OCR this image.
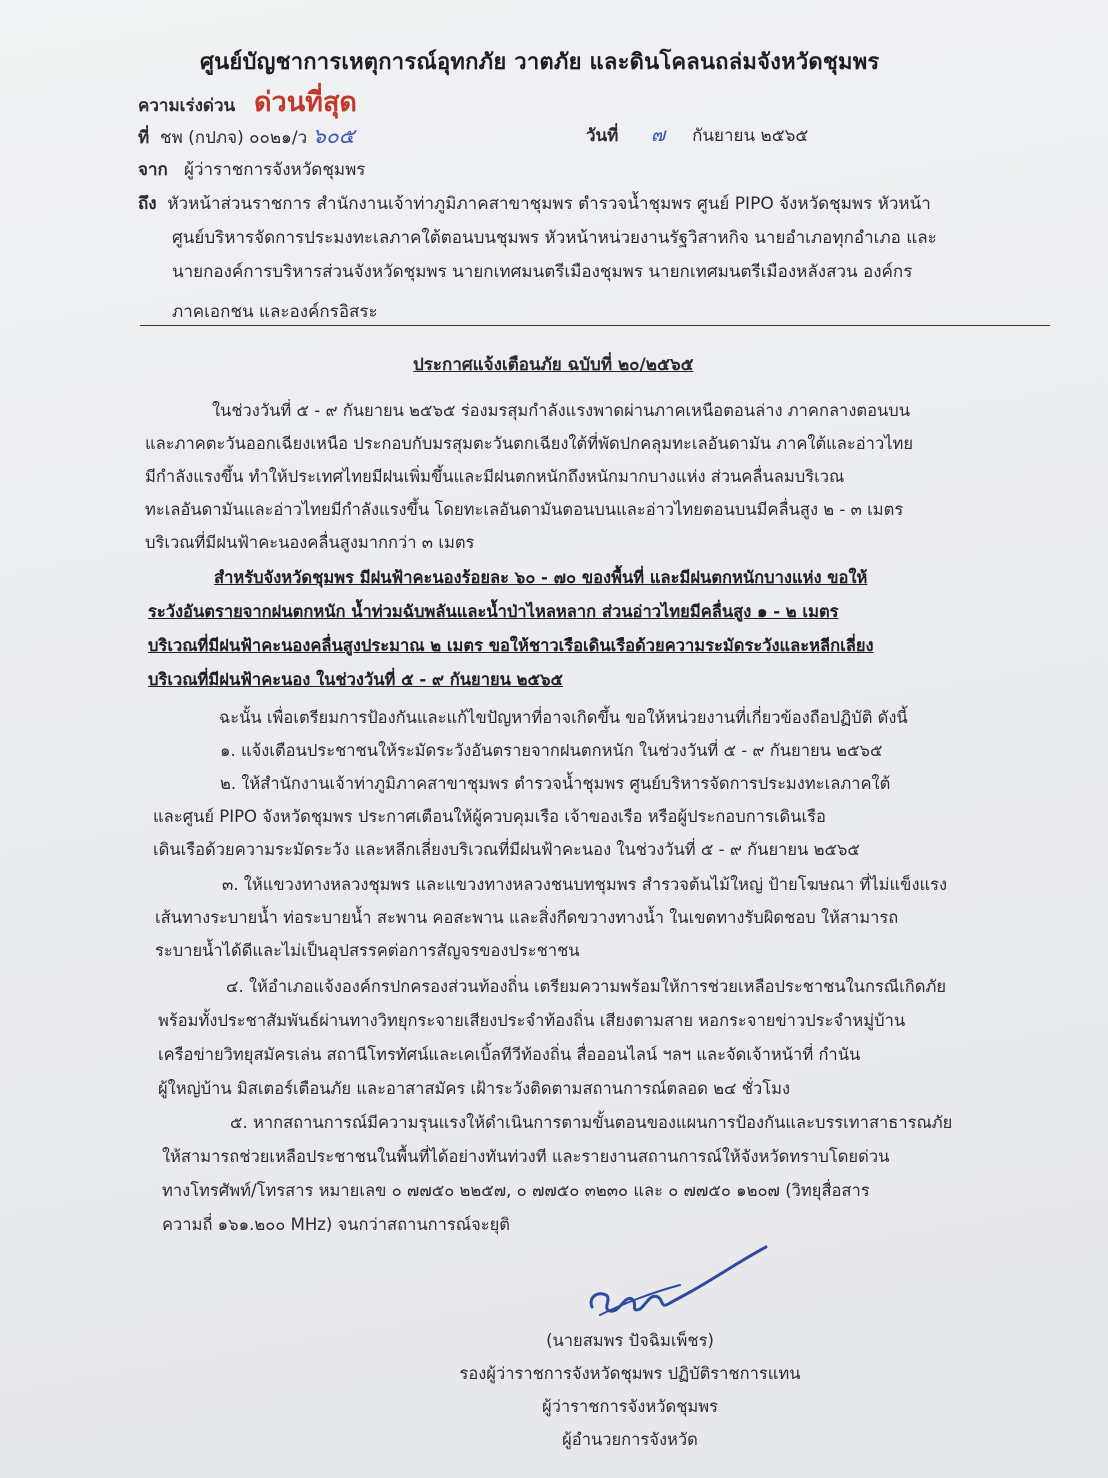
ศูนย์บัญชาการเหตุการณ์อุทกภัย วาตภัย และดินโคลนถล่มจังหวัดชุมพร
ความเร่งด่วน ด่วนที่สุด
ที่ ชพ (กปภจ) ๐๐๒๑/ว ๖๐๕	วันที่ ๗ กันยายน ๒๕๖๕
จาก ผู้ว่าราชการจังหวัดชุมพร
ถึง หัวหน้าส่วนราชการ สำนักงานเจ้าท่าภูมิภาคสาขาชุมพร ตำรวจน้ำชุมพร ศูนย์ PIPO จังหวัดชุมพร หัวหน้า
ศูนย์บริหารจัดการประมงทะเลภาคใต้ตอนบนชุมพร หัวหน้าหน่วยงานรัฐวิสาหกิจ นายอำเภอทุกอำเภอ และ
นายกองค์การบริหารส่วนจังหวัดชุมพร นายกเทศมนตรีเมืองชุมพร นายกเทศมนตรีเมืองหลังสวน องค์กร
ภาคเอกชน และองค์กรอิสระ
ประกาศแจ้งเตือนภัย ฉบับที่ ๒๐/๒๕๖๕
ในช่วงวันที่ ๕ - ๙ กันยายน ๒๕๖๕ ร่องมรสุมกำลังแรงพาดผ่านภาคเหนือตอนล่าง ภาคกลางตอนบน
และภาคตะวันออกเฉียงเหนือ ประกอบกับมรสุมตะวันตกเฉียงใต้ที่พัดปกคลุมทะเลอันดามัน ภาคใต้และอ่าวไทย
มีกำลังแรงขึ้น ทำให้ประเทศไทยมีฝนเพิ่มขึ้นและมีฝนตกหนักถึงหนักมากบางแห่ง ส่วนคลื่นลมบริเวณ
ทะเลอันดามันและอ่าวไทยมีกำลังแรงขึ้น โดยทะเลอันดามันตอนบนและอ่าวไทยตอนบนมีคลื่นสูง ๒ - ๓ เมตร
บริเวณที่มีฝนฟ้าคะนองคลื่นสูงมากกว่า ๓ เมตร
สำหรับจังหวัดชุมพร มีฝนฟ้าคะนองร้อยละ ๖๐ - ๗๐ ของพื้นที่ และมีฝนตกหนักบางแห่ง ขอให้
ระวังอันตรายจากฝนตกหนัก น้ำท่วมฉับพลันและน้ำป่าไหลหลาก ส่วนอ่าวไทยมีคลื่นสูง ๑ - ๒ เมตร
บริเวณที่มีฝนฟ้าคะนองคลื่นสูงประมาณ ๒ เมตร ขอให้ชาวเรือเดินเรือด้วยความระมัดระวังและหลีกเลี่ยง
บริเวณที่มีฝนฟ้าคะนอง ในช่วงวันที่ ๕ - ๙ กันยายน ๒๕๖๕
ฉะนั้น เพื่อเตรียมการป้องกันและแก้ไขปัญหาที่อาจเกิดขึ้น ขอให้หน่วยงานที่เกี่ยวข้องถือปฏิบัติ ดังนี้
๑. แจ้งเตือนประชาชนให้ระมัดระวังอันตรายจากฝนตกหนัก ในช่วงวันที่ ๕ - ๙ กันยายน ๒๕๖๕
๒. ให้สำนักงานเจ้าท่าภูมิภาคสาขาชุมพร ตำรวจน้ำชุมพร ศูนย์บริหารจัดการประมงทะเลภาคใต้
และศูนย์ PIPO จังหวัดชุมพร ประกาศเตือนให้ผู้ควบคุมเรือ เจ้าของเรือ หรือผู้ประกอบการเดินเรือ
เดินเรือด้วยความระมัดระวัง และหลีกเลี่ยงบริเวณที่มีฝนฟ้าคะนอง ในช่วงวันที่ ๕ - ๙ กันยายน ๒๕๖๕
๓. ให้แขวงทางหลวงชุมพร และแขวงทางหลวงชนบทชุมพร สำรวจต้นไม้ใหญ่ ป้ายโฆษณา ที่ไม่แข็งแรง
เส้นทางระบายน้ำ ท่อระบายน้ำ สะพาน คอสะพาน และสิ่งกีดขวางทางน้ำ ในเขตทางรับผิดชอบ ให้สามารถ
ระบายน้ำได้ดีและไม่เป็นอุปสรรคต่อการสัญจรของประชาชน
๔. ให้อำเภอแจ้งองค์กรปกครองส่วนท้องถิ่น เตรียมความพร้อมให้การช่วยเหลือประชาชนในกรณีเกิดภัย
พร้อมทั้งประชาสัมพันธ์ผ่านทางวิทยุกระจายเสียงประจำท้องถิ่น เสียงตามสาย หอกระจายข่าวประจำหมู่บ้าน
เครือข่ายวิทยุสมัครเล่น สถานีโทรทัศน์และเคเบิ้ลทีวีท้องถิ่น สื่อออนไลน์ ฯลฯ และจัดเจ้าหน้าที่ กำนัน
ผู้ใหญ่บ้าน มิสเตอร์เตือนภัย และอาสาสมัคร เฝ้าระวังติดตามสถานการณ์ตลอด ๒๔ ชั่วโมง
๕. หากสถานการณ์มีความรุนแรงให้ดำเนินการตามขั้นตอนของแผนการป้องกันและบรรเทาสาธารณภัย
ให้สามารถช่วยเหลือประชาชนในพื้นที่ได้อย่างทันท่วงที และรายงานสถานการณ์ให้จังหวัดทราบโดยด่วน
ทางโทรศัพท์/โทรสาร หมายเลข ๐ ๗๗๕๐ ๒๒๕๗, ๐ ๗๗๕๐ ๓๒๓๐ และ ๐ ๗๗๕๐ ๑๒๐๗ (วิทยุสื่อสาร
ความถี่ ๑๖๑.๒๐๐ MHz) จนกว่าสถานการณ์จะยุติ
(นายสมพร ปัจฉิมเพ็ชร)
รองผู้ว่าราชการจังหวัดชุมพร ปฏิบัติราชการแทน
ผู้ว่าราชการจังหวัดชุมพร
ผู้อำนวยการจังหวัด
